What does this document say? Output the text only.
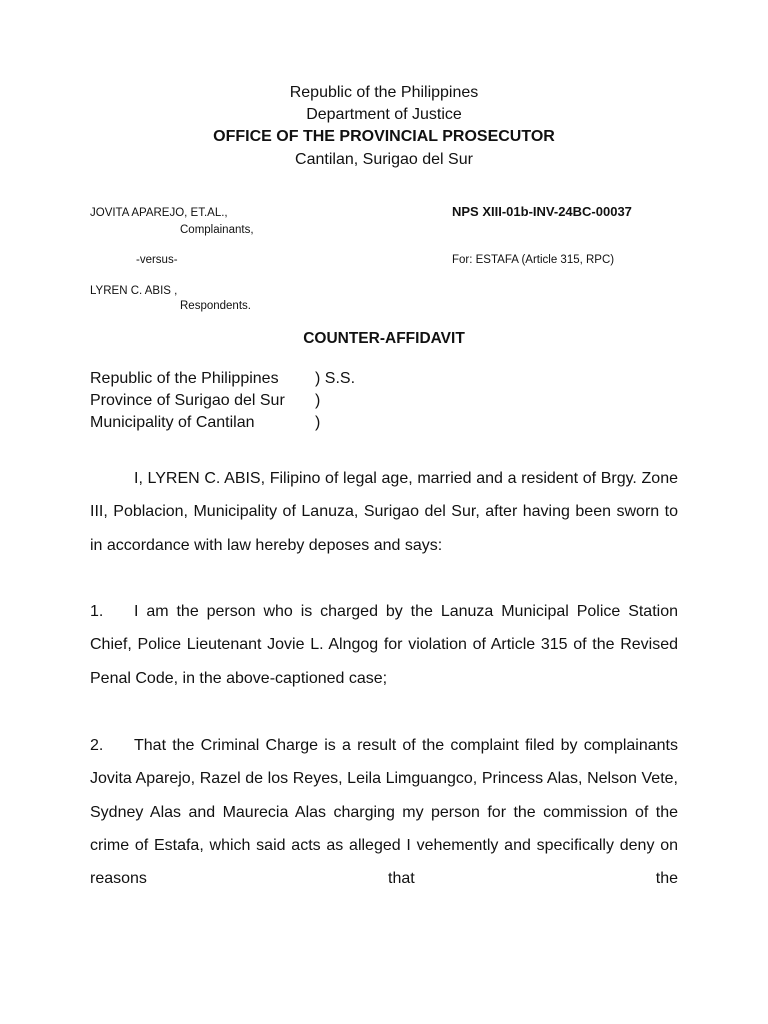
Republic of the Philippines
Department of Justice
OFFICE OF THE PROVINCIAL PROSECUTOR
Cantilan, Surigao del Sur
JOVITA APAREJO, ET.AL.,
Complainants,
NPS XIII-01b-INV-24BC-00037
-versus-	For: ESTAFA (Article 315, RPC)
LYREN C. ABIS ,
Respondents.
COUNTER-AFFIDAVIT
Republic of the Philippines ) S.S.
Province of Surigao del Sur )
Municipality of Cantilan	)
I, LYREN C. ABIS, Filipino of legal age, married and a resident of Brgy. Zone III, Poblacion, Municipality of Lanuza, Surigao del Sur, after having been sworn to in accordance with law hereby deposes and says:
1. I am the person who is charged by the Lanuza Municipal Police Station Chief, Police Lieutenant Jovie L. Alngog for violation of Article 315 of the Revised Penal Code, in the above-captioned case;
2. That the Criminal Charge is a result of the complaint filed by complainants Jovita Aparejo, Razel de los Reyes, Leila Limguangco, Princess Alas, Nelson Vete, Sydney Alas and Maurecia Alas charging my person for the commission of the crime of Estafa, which said acts as alleged I vehemently and specifically deny on reasons that the
